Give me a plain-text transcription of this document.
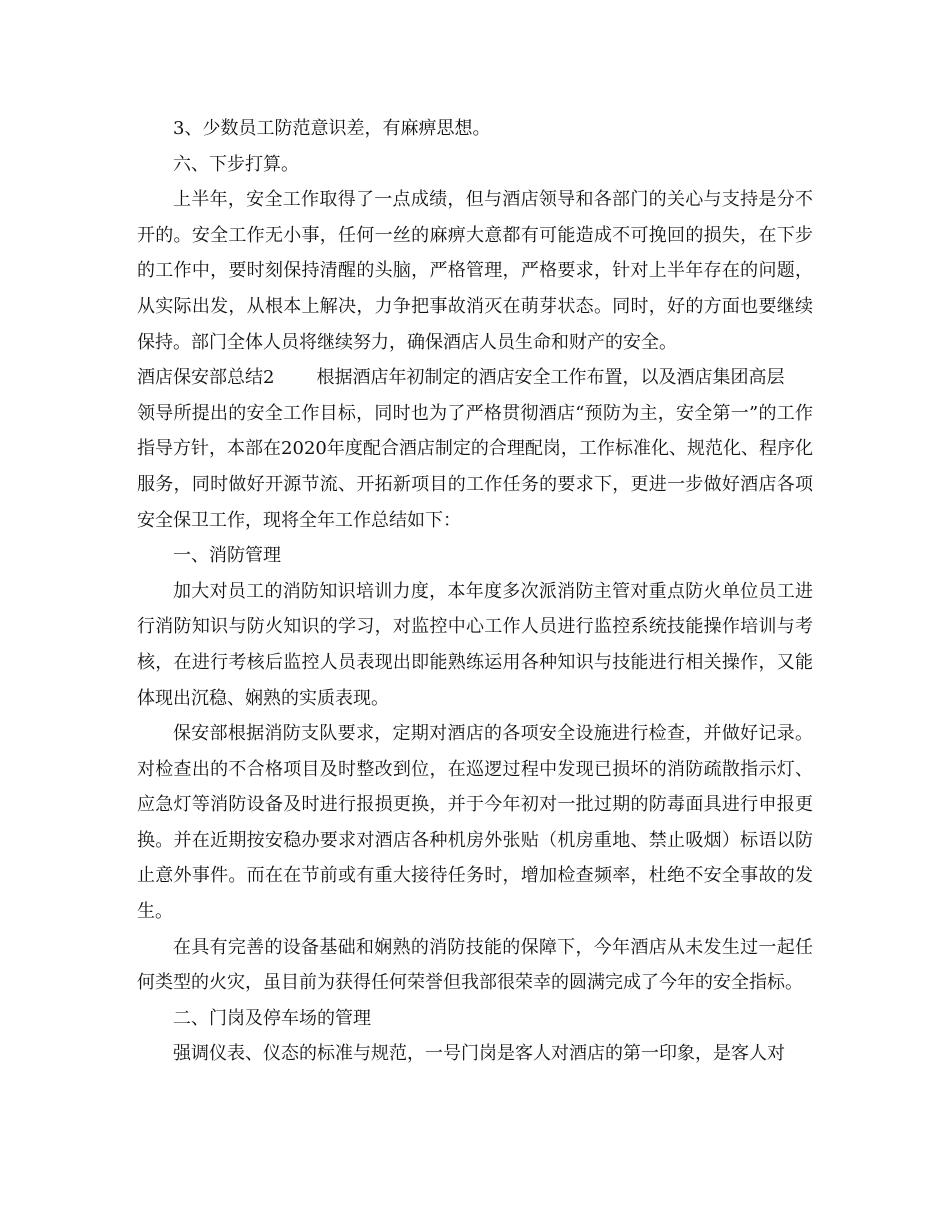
3、少数员工防范意识差，有麻痹思想。

六、下步打算。

上半年，安全工作取得了一点成绩，但与酒店领导和各部门的关心与支持是分不开的。安全工作无小事，任何一丝的麻痹大意都有可能造成不可挽回的损失，在下步的工作中，要时刻保持清醒的头脑，严格管理，严格要求，针对上半年存在的问题，从实际出发，从根本上解决，力争把事故消灭在萌芽状态。同时，好的方面也要继续保持。部门全体人员将继续努力，确保酒店人员生命和财产的安全。

酒店保安部总结2 根据酒店年初制定的酒店安全工作布置，以及酒店集团高层

领导所提出的安全工作目标，同时也为了严格贯彻酒店“预防为主，安全第一”的工作指导方针，本部在2020年度配合酒店制定的合理配岗，工作标准化、规范化、程序化服务，同时做好开源节流、开拓新项目的工作任务的要求下，更进一步做好酒店各项安全保卫工作，现将全年工作总结如下：

一、消防管理

加大对员工的消防知识培训力度，本年度多次派消防主管对重点防火单位员工进行消防知识与防火知识的学习，对监控中心工作人员进行监控系统技能操作培训与考核，在进行考核后监控人员表现出即能熟练运用各种知识与技能进行相关操作，又能体现出沉稳、娴熟的实质表现。

保安部根据消防支队要求，定期对酒店的各项安全设施进行检查，并做好记录。对检查出的不合格项目及时整改到位，在巡逻过程中发现已损坏的消防疏散指示灯、应急灯等消防设备及时进行报损更换，并于今年初对一批过期的防毒面具进行申报更换。并在近期按安稳办要求对酒店各种机房外张贴（机房重地、禁止吸烟）标语以防止意外事件。而在在节前或有重大接待任务时，增加检查频率，杜绝不安全事故的发生。

在具有完善的设备基础和娴熟的消防技能的保障下，今年酒店从未发生过一起任何类型的火灾，虽目前为获得任何荣誉但我部很荣幸的圆满完成了今年的安全指标。

二、门岗及停车场的管理

强调仪表、仪态的标准与规范，一号门岗是客人对酒店的第一印象，是客人对
